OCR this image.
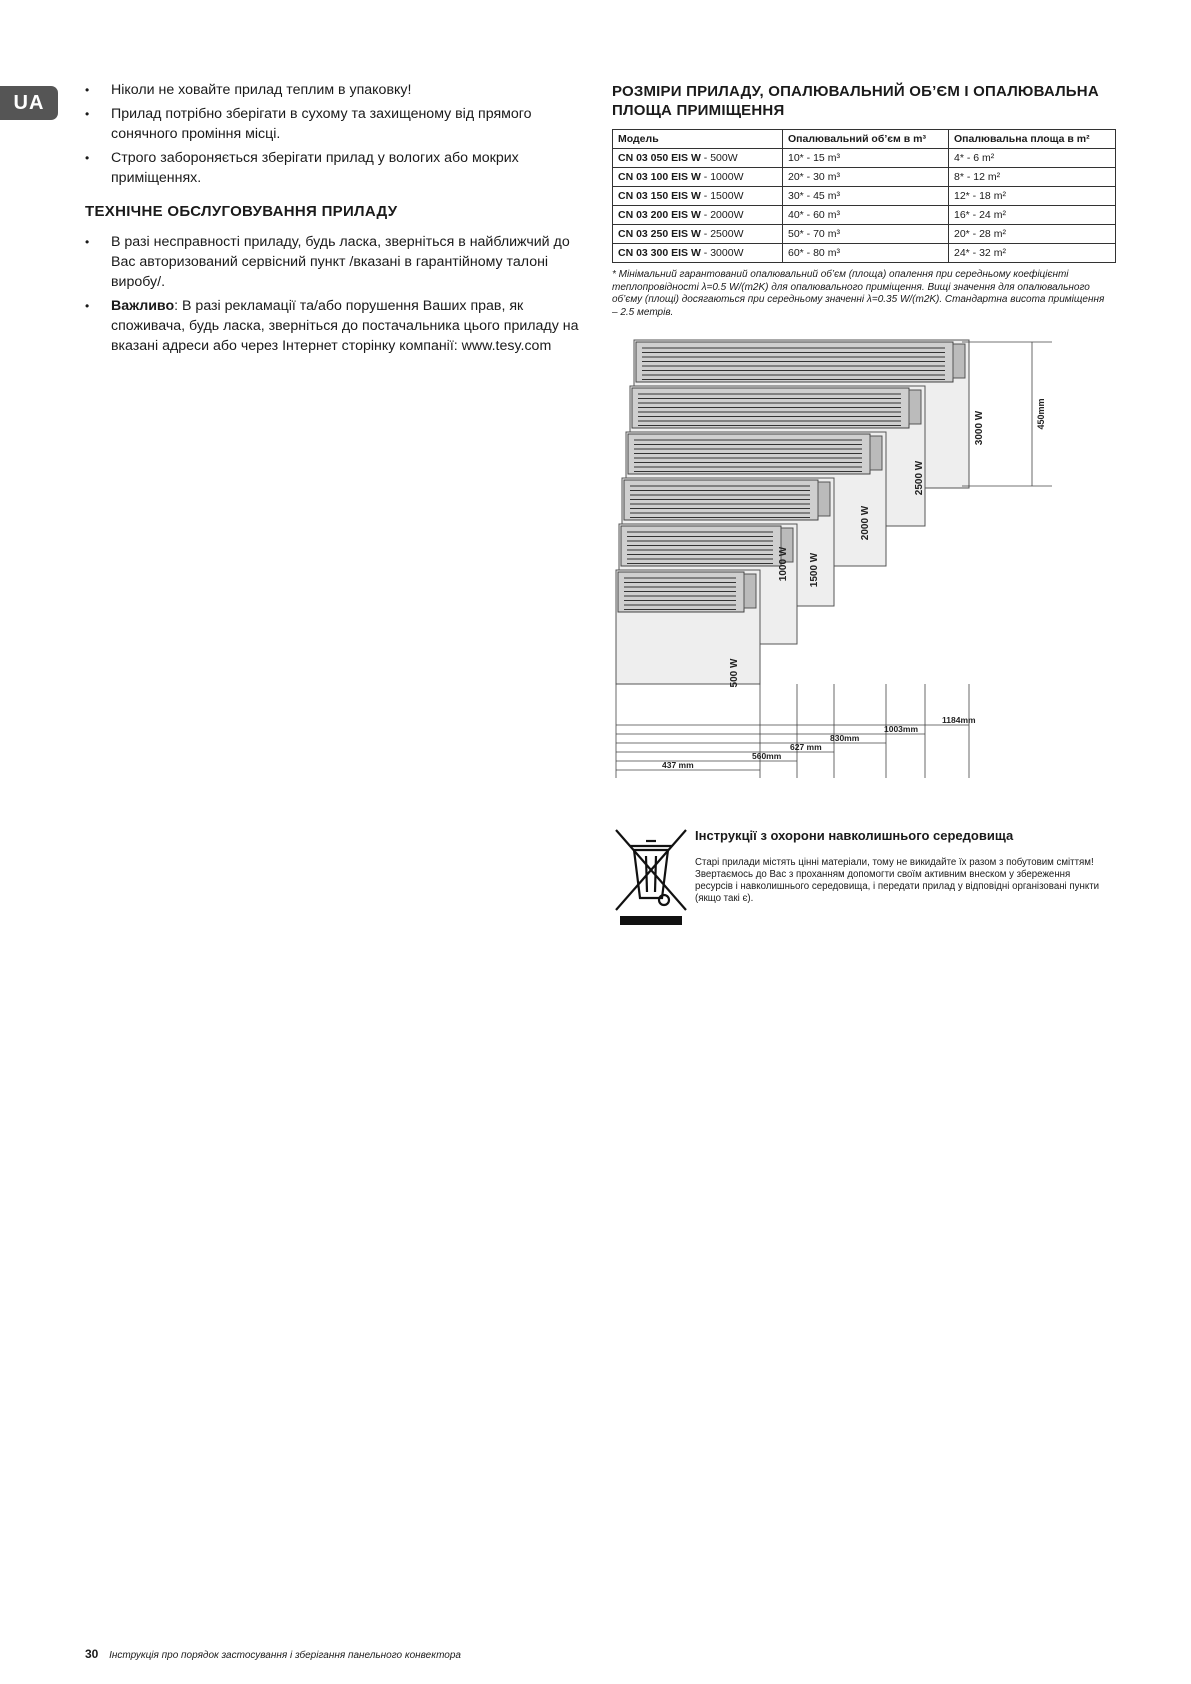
UA
• Ніколи не ховайте прилад теплим в упаковку!
• Прилад потрібно зберігати в сухому та захищеному від прямого сонячного проміння місці.
• Строго забороняється зберігати прилад у вологих або мокрих приміщеннях.
ТЕХНІЧНЕ ОБСЛУГОВУВАННЯ ПРИЛАДУ
• В разі несправності приладу, будь ласка, зверніться в найближчий до Вас авторизований сервісний пункт /вказані в гарантійному талоні виробу/.
• Важливо: В разі рекламації та/або порушення Ваших прав, як споживача, будь ласка, зверніться до постачальника цього приладу на вказані адреси або через Інтернет сторінку компанії: www.tesy.com
РОЗМІРИ ПРИЛАДУ, ОПАЛЮВАЛЬНИЙ ОБ’ЄМ І ОПАЛЮВАЛЬНА
ПЛОЩА ПРИМІЩЕННЯ
Модель	Опалювальний об’єм в m³	Опалювальна площа в m²
CN 03 050 EIS W - 500W	10* - 15 m³	4* - 6 m²
CN 03 100 EIS W - 1000W	20* - 30 m³	8* - 12 m²
CN 03 150 EIS W - 1500W	30* - 45 m³	12* - 18 m²
CN 03 200 EIS W - 2000W	40* - 60 m³	16* - 24 m²
CN 03 250 EIS W - 2500W	50* - 70 m³	20* - 28 m²
CN 03 300 EIS W - 3000W	60* - 80 m³	24* - 32 m²
* Мінімальний гарантований опалювальний об’єм (площа) опалення при середньому коефіцієнті теплопровідності λ=0.5 W/(m2K) для опалювального приміщення. Вищі значення для опалювального об’єму (площі) досягаються при середньому значенні λ=0.35 W/(m2K). Стандартна висота приміщення – 2.5 метрів.
3000 W
2500 W
2000 W
1500 W
1000 W
500 W
450mm
437 mm
560mm
627 mm
830mm
1003mm
1184mm
Інструкції з охорони навколишнього середовища
Старі прилади містять цінні матеріали, тому не викидайте їх разом з побутовим сміттям! Звертаємось до Вас з проханням допомогти своїм активним внеском у збереження ресурсів і навколишнього середовища, і передати прилад у відповідні організовані пункти (якщо такі є).
30 Інструкція про порядок застосування і зберігання панельного конвектора
